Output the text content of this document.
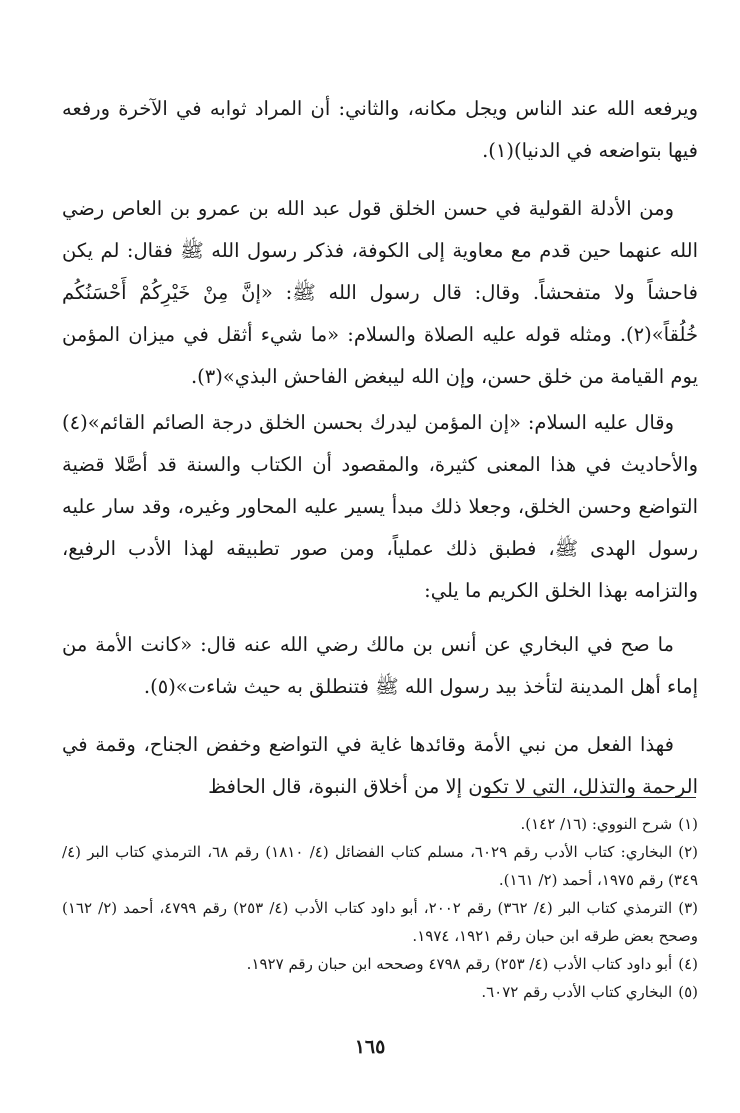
ويرفعه الله عند الناس ويجل مكانه، والثاني: أن المراد ثوابه في الآخرة ورفعه فيها بتواضعه في الدنيا)(١).

ومن الأدلة القولية في حسن الخلق قول عبد الله بن عمرو بن العاص رضي الله عنهما حين قدم مع معاوية إلى الكوفة، فذكر رسول الله ﷺ فقال: لم يكن فاحشاً ولا متفحشاً. وقال: قال رسول الله ﷺ: «إنَّ مِنْ خَيْرِكُمْ أَحْسَنُكُم خُلُقاً»(٢). ومثله قوله عليه الصلاة والسلام: «ما شيء أثقل في ميزان المؤمن يوم القيامة من خلق حسن، وإن الله ليبغض الفاحش البذي»(٣).

وقال عليه السلام: «إن المؤمن ليدرك بحسن الخلق درجة الصائم القائم»(٤) والأحاديث في هذا المعنى كثيرة، والمقصود أن الكتاب والسنة قد أصَّلا قضية التواضع وحسن الخلق، وجعلا ذلك مبدأ يسير عليه المحاور وغيره، وقد سار عليه رسول الهدى ﷺ، فطبق ذلك عملياً، ومن صور تطبيقه لهذا الأدب الرفيع، والتزامه بهذا الخلق الكريم ما يلي:

ما صح في البخاري عن أنس بن مالك رضي الله عنه قال: «كانت الأمة من إماء أهل المدينة لتأخذ بيد رسول الله ﷺ فتنطلق به حيث شاءت»(٥).

فهذا الفعل من نبي الأمة وقائدها غاية في التواضع وخفض الجناح، وقمة في الرحمة والتذلل، التي لا تكون إلا من أخلاق النبوة، قال الحافظ

(١)شرح النووي: (١٦/ ١٤٢).

(٢)البخاري: كتاب الأدب رقم ٦٠٢٩، مسلم كتاب الفضائل (٤/ ١٨١٠) رقم ٦٨، الترمذي كتاب البر (٤/ ٣٤٩) رقم ١٩٧٥، أحمد (٢/ ١٦١).

(٣)الترمذي كتاب البر (٤/ ٣٦٢) رقم ٢٠٠٢، أبو داود كتاب الأدب (٤/ ٢٥٣) رقم ٤٧٩٩، أحمد (٢/ ١٦٢) وصحح بعض طرقه ابن حبان رقم ١٩٢١، ١٩٧٤.

(٤)أبو داود كتاب الأدب (٤/ ٢٥٣) رقم ٤٧٩٨ وصححه ابن حبان رقم ١٩٢٧.

(٥)البخاري كتاب الأدب رقم ٦٠٧٢.

١٦٥
